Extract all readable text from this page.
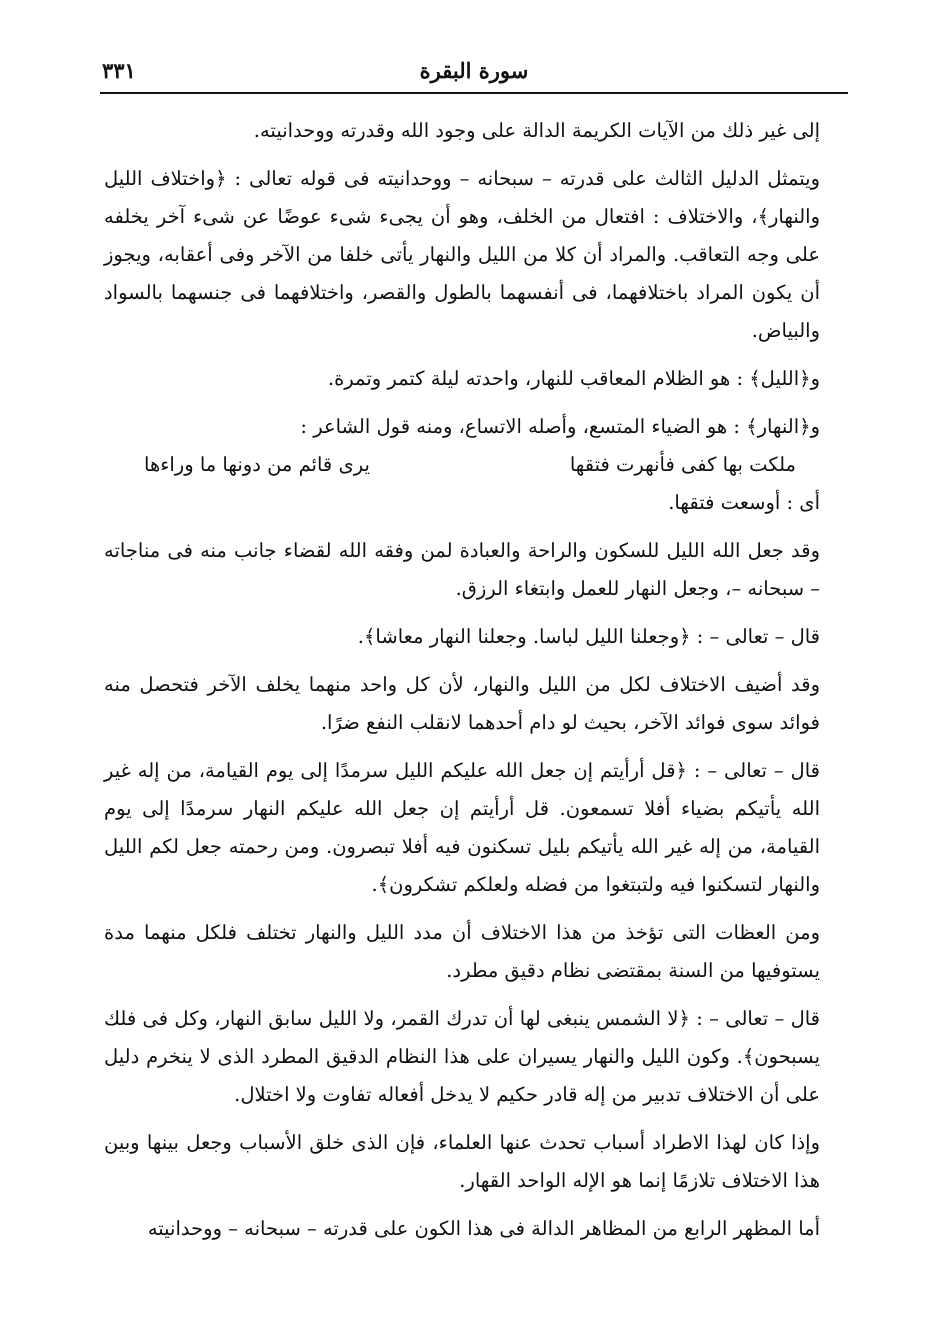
سورة البقرة
٣٣١

إلى غير ذلك من الآيات الكريمة الدالة على وجود الله وقدرته ووحدانيته.

ويتمثل الدليل الثالث على قدرته – سبحانه – ووحدانيته فى قوله تعالى : ﴿واختلاف الليل والنهار﴾، والاختلاف : افتعال من الخلف، وهو أن يجىء شىء عوضًا عن شىء آخر يخلفه على وجه التعاقب. والمراد أن كلا من الليل والنهار يأتى خلفا من الآخر وفى أعقابه، ويجوز أن يكون المراد باختلافهما، فى أنفسهما بالطول والقصر، واختلافهما فى جنسهما بالسواد والبياض.

و﴿الليل﴾ : هو الظلام المعاقب للنهار، واحدته ليلة كتمر وتمرة.

و﴿النهار﴾ : هو الضياء المتسع، وأصله الاتساع، ومنه قول الشاعر :

ملكت بها كفى فأنهرت فتقها
يرى قائم من دونها ما وراءها

أى : أوسعت فتقها.

وقد جعل الله الليل للسكون والراحة والعبادة لمن وفقه الله لقضاء جانب منه فى مناجاته – سبحانه –، وجعل النهار للعمل وابتغاء الرزق.

قال – تعالى – : ﴿وجعلنا الليل لباسا. وجعلنا النهار معاشا﴾.

وقد أضيف الاختلاف لكل من الليل والنهار، لأن كل واحد منهما يخلف الآخر فتحصل منه فوائد سوى فوائد الآخر، بحيث لو دام أحدهما لانقلب النفع ضرًا.

قال – تعالى – : ﴿قل أرأيتم إن جعل الله عليكم الليل سرمدًا إلى يوم القيامة، من إله غير الله يأتيكم بضياء أفلا تسمعون. قل أرأيتم إن جعل الله عليكم النهار سرمدًا إلى يوم القيامة، من إله غير الله يأتيكم بليل تسكنون فيه أفلا تبصرون. ومن رحمته جعل لكم الليل والنهار لتسكنوا فيه ولتبتغوا من فضله ولعلكم تشكرون﴾.

ومن العظات التى تؤخذ من هذا الاختلاف أن مدد الليل والنهار تختلف فلكل منهما مدة يستوفيها من السنة بمقتضى نظام دقيق مطرد.

قال – تعالى – : ﴿لا الشمس ينبغى لها أن تدرك القمر، ولا الليل سابق النهار، وكل فى فلك يسبحون﴾. وكون الليل والنهار يسيران على هذا النظام الدقيق المطرد الذى لا ينخرم دليل على أن الاختلاف تدبير من إله قادر حكيم لا يدخل أفعاله تفاوت ولا اختلال.

وإذا كان لهذا الاطراد أسباب تحدث عنها العلماء، فإن الذى خلق الأسباب وجعل بينها وبين هذا الاختلاف تلازمًا إنما هو الإله الواحد القهار.

أما المظهر الرابع من المظاهر الدالة فى هذا الكون على قدرته – سبحانه – ووحدانيته
